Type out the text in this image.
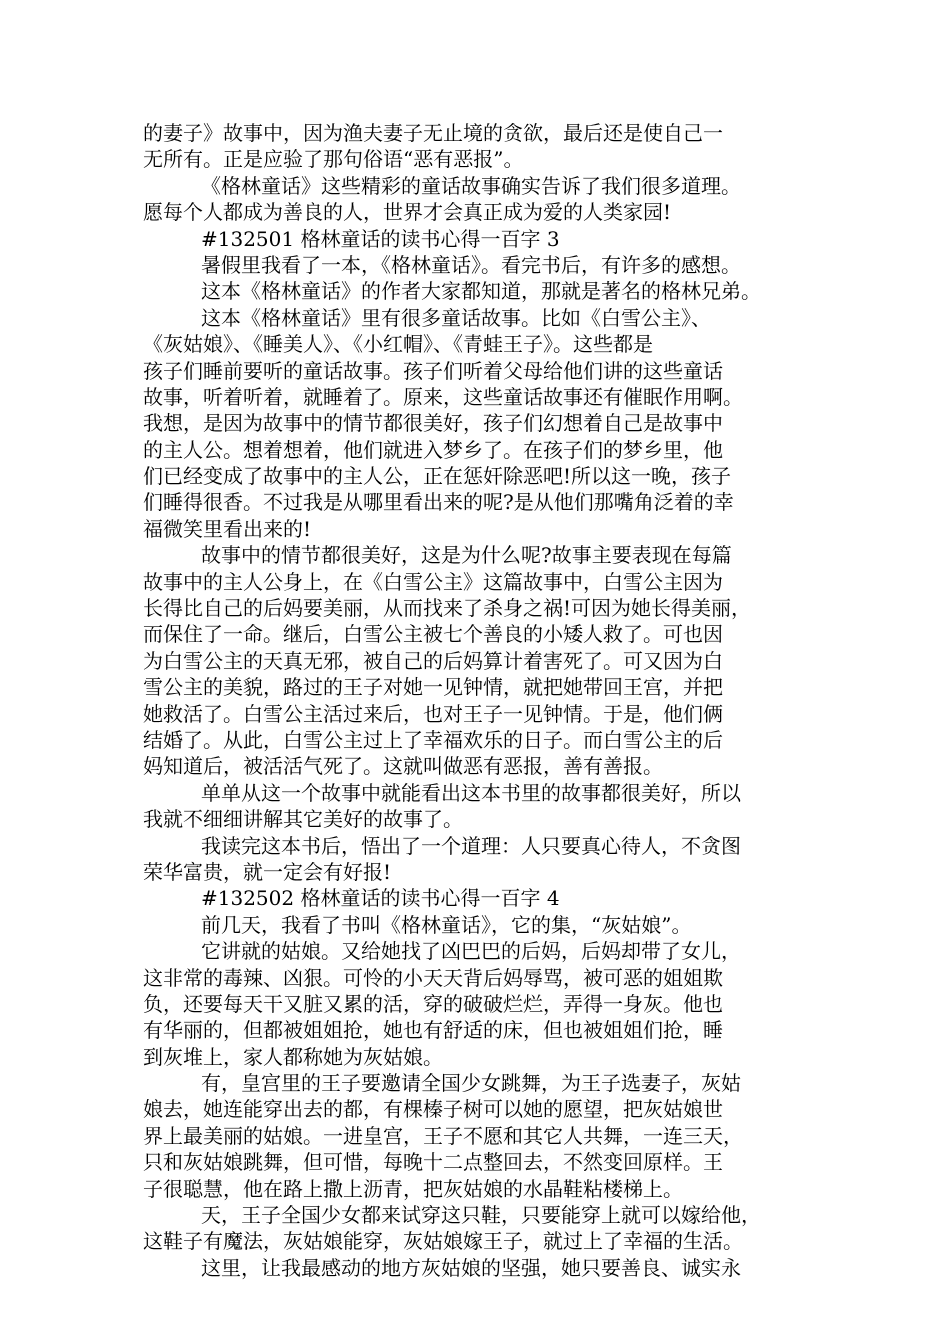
的妻子》故事中，因为渔夫妻子无止境的贪欲，最后还是使自己一
无所有。正是应验了那句俗语“恶有恶报”。
《格林童话》这些精彩的童话故事确实告诉了我们很多道理。
愿每个人都成为善良的人，世界才会真正成为爱的人类家园!
#132501 格林童话的读书心得一百字 3
暑假里我看了一本，《格林童话》。看完书后，有许多的感想。
这本《格林童话》的作者大家都知道，那就是著名的格林兄弟。
这本《格林童话》里有很多童话故事。比如《白雪公主》、
《灰姑娘》、《睡美人》、《小红帽》、《青蛙王子》。这些都是
孩子们睡前要听的童话故事。孩子们听着父母给他们讲的这些童话
故事，听着听着，就睡着了。原来，这些童话故事还有催眠作用啊。
我想，是因为故事中的情节都很美好，孩子们幻想着自己是故事中
的主人公。想着想着，他们就进入梦乡了。在孩子们的梦乡里，他
们已经变成了故事中的主人公，正在惩奸除恶吧!所以这一晚，孩子
们睡得很香。不过我是从哪里看出来的呢?是从他们那嘴角泛着的幸
福微笑里看出来的!
故事中的情节都很美好，这是为什么呢?故事主要表现在每篇
故事中的主人公身上，在《白雪公主》这篇故事中，白雪公主因为
长得比自己的后妈要美丽，从而找来了杀身之祸!可因为她长得美丽，
而保住了一命。继后，白雪公主被七个善良的小矮人救了。可也因
为白雪公主的天真无邪，被自己的后妈算计着害死了。可又因为白
雪公主的美貌，路过的王子对她一见钟情，就把她带回王宫，并把
她救活了。白雪公主活过来后，也对王子一见钟情。于是，他们俩
结婚了。从此，白雪公主过上了幸福欢乐的日子。而白雪公主的后
妈知道后，被活活气死了。这就叫做恶有恶报，善有善报。
单单从这一个故事中就能看出这本书里的故事都很美好，所以
我就不细细讲解其它美好的故事了。
我读完这本书后，悟出了一个道理：人只要真心待人，不贪图
荣华富贵，就一定会有好报!
#132502 格林童话的读书心得一百字 4
前几天，我看了书叫《格林童话》，它的集，“灰姑娘”。
它讲就的姑娘。又给她找了凶巴巴的后妈，后妈却带了女儿，
这非常的毒辣、凶狠。可怜的小天天背后妈辱骂，被可恶的姐姐欺
负，还要每天干又脏又累的活，穿的破破烂烂，弄得一身灰。他也
有华丽的，但都被姐姐抢，她也有舒适的床，但也被姐姐们抢，睡
到灰堆上，家人都称她为灰姑娘。
有，皇宫里的王子要邀请全国少女跳舞，为王子选妻子，灰姑
娘去，她连能穿出去的都，有棵榛子树可以她的愿望，把灰姑娘世
界上最美丽的姑娘。一进皇宫，王子不愿和其它人共舞，一连三天，
只和灰姑娘跳舞，但可惜，每晚十二点整回去，不然变回原样。王
子很聪慧，他在路上撒上沥青，把灰姑娘的水晶鞋粘楼梯上。
天，王子全国少女都来试穿这只鞋，只要能穿上就可以嫁给他，
这鞋子有魔法，灰姑娘能穿，灰姑娘嫁王子，就过上了幸福的生活。
这里，让我最感动的地方灰姑娘的坚强，她只要善良、诚实永
